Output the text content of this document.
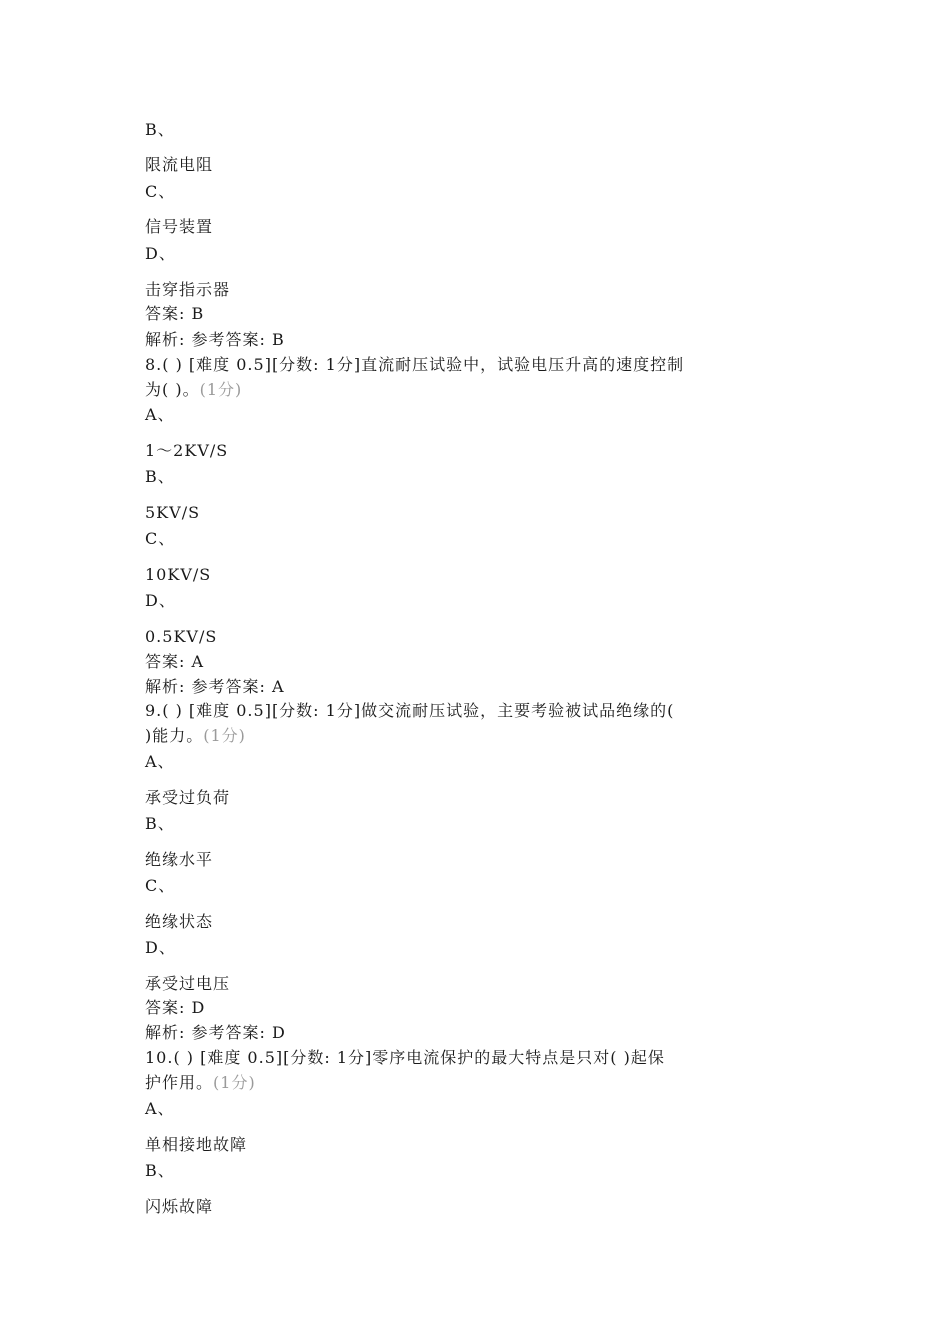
B、
限流电阻
C、
信号装置
D、
击穿指示器
答案: B
解析: 参考答案: B
8.( ) [难度 0.5][分数: 1分]直流耐压试验中，试验电压升高的速度控制
为( )。(1分)
A、
1～2KV/S
B、
5KV/S
C、
10KV/S
D、
0.5KV/S
答案: A
解析: 参考答案: A
9.( ) [难度 0.5][分数: 1分]做交流耐压试验，主要考验被试品绝缘的(
)能力。(1分)
A、
承受过负荷
B、
绝缘水平
C、
绝缘状态
D、
承受过电压
答案: D
解析: 参考答案: D
10.( ) [难度 0.5][分数: 1分]零序电流保护的最大特点是只对( )起保
护作用。(1分)
A、
单相接地故障
B、
闪烁故障
